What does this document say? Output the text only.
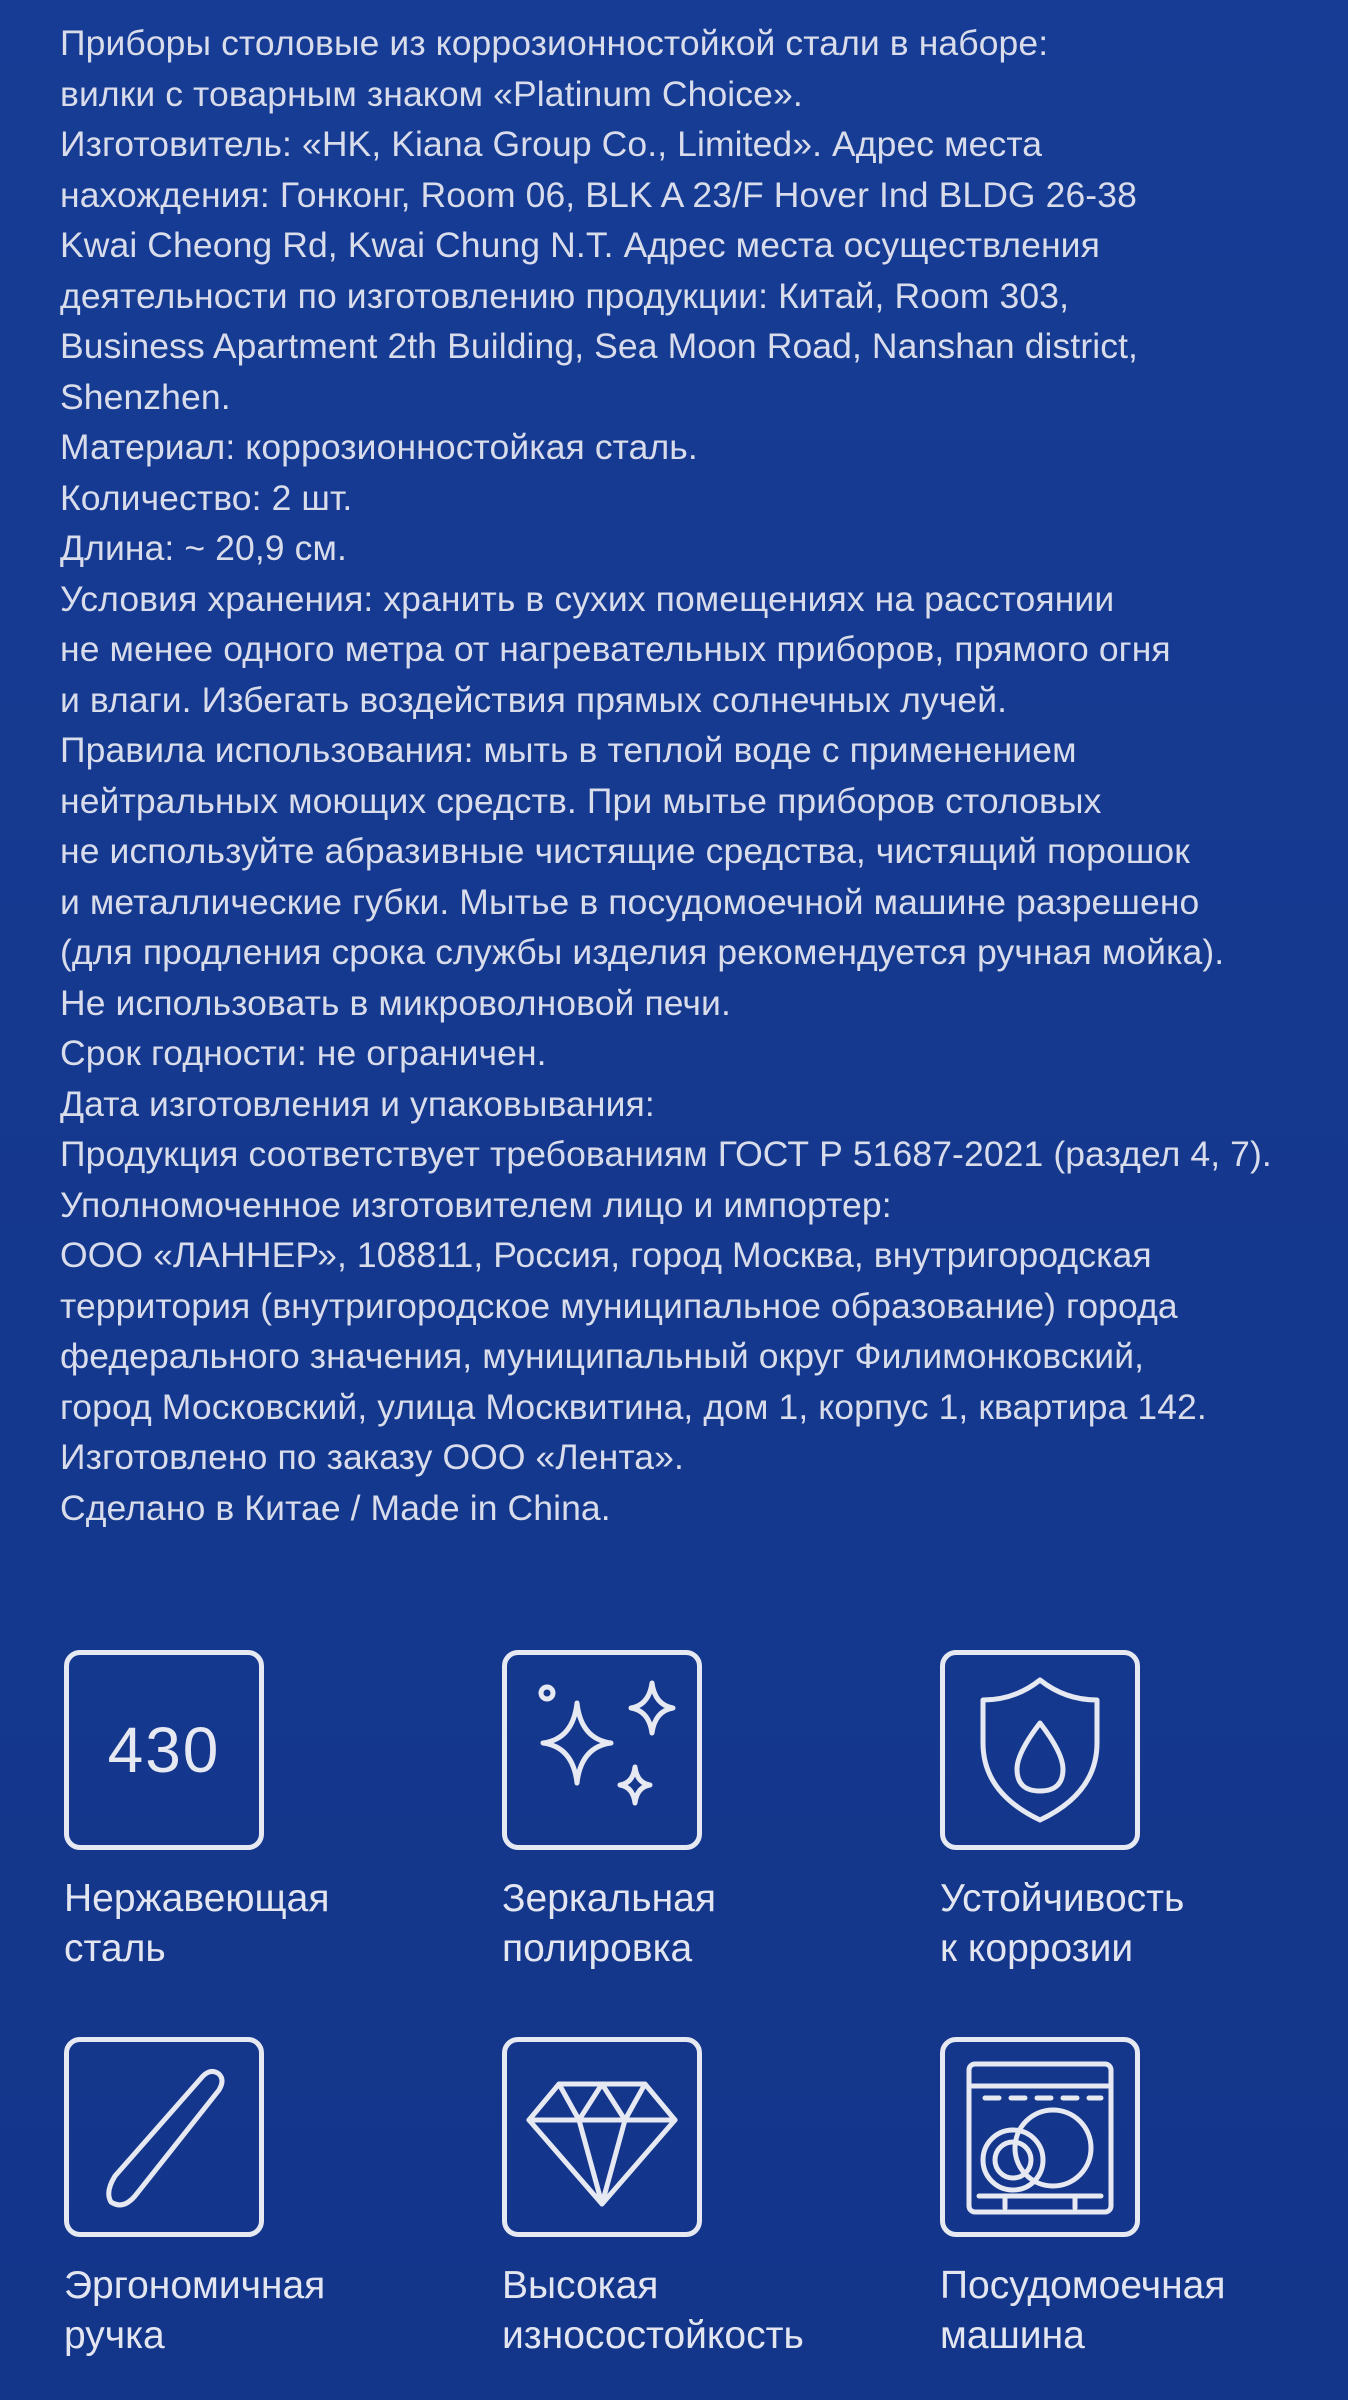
Приборы столовые из коррозионностойкой стали в наборе:
вилки с товарным знаком «Platinum Choice».
Изготовитель: «HK, Kiana Group Co., Limited». Адрес места
нахождения: Гонконг, Room 06, BLK A 23/F Hover Ind BLDG 26-38
Kwai Cheong Rd, Kwai Chung N.T. Адрес места осуществления
деятельности по изготовлению продукции: Китай, Room 303,
Business Apartment 2th Building, Sea Moon Road, Nanshan district,
Shenzhen.
Материал: коррозионностойкая сталь.
Количество: 2 шт.
Длина: ~ 20,9 см.
Условия хранения: хранить в сухих помещениях на расстоянии
не менее одного метра от нагревательных приборов, прямого огня
и влаги. Избегать воздействия прямых солнечных лучей.
Правила использования: мыть в теплой воде с применением
нейтральных моющих средств. При мытье приборов столовых
не используйте абразивные чистящие средства, чистящий порошок
и металлические губки. Мытье в посудомоечной машине разрешено
(для продления срока службы изделия рекомендуется ручная мойка).
Не использовать в микроволновой печи.
Срок годности: не ограничен.
Дата изготовления и упаковывания:
Продукция соответствует требованиям ГОСТ Р 51687-2021 (раздел 4, 7).
Уполномоченное изготовителем лицо и импортер:
ООО «ЛАННЕР», 108811, Россия, город Москва, внутригородская
территория (внутригородское муниципальное образование) города
федерального значения, муниципальный округ Филимонковский,
город Московский, улица Москвитина, дом 1, корпус 1, квартира 142.
Изготовлено по заказу ООО «Лента».
Сделано в Китае / Made in China.
430
Нержавеющая
сталь
Зеркальная
полировка
Устойчивость
к коррозии
Эргономичная
ручка
Высокая
износостойкость
Посудомоечная
машина
